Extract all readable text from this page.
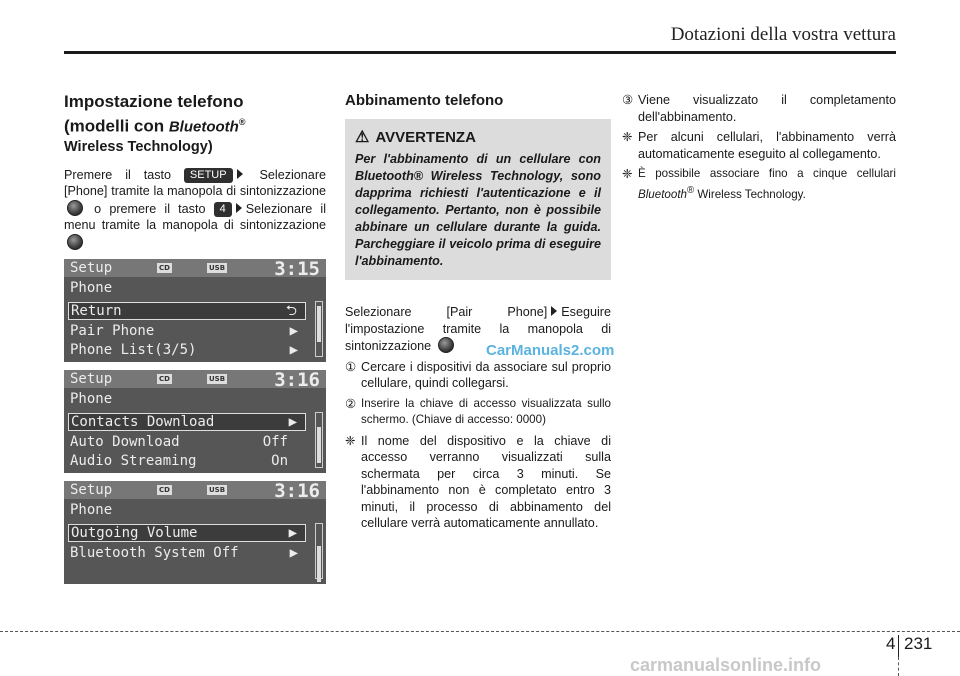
Dotazioni della vostra vettura
Impostazione telefono
(modelli con Bluetooth®
Wireless Technology)

Premere il tasto SETUP	Selezionare [Phone] tramite la manopola di sintonizzazione  o premere il tasto 4 Selezionare il menu tramite la manopola di sintonizzazione

Setup	CD	USB	3:15
Phone
Return	⮌
Pair Phone	▶
Phone List(3/5)	▶
Setup	CD	USB	3:16
Phone
Contacts Download	▶
Auto Download	Off
Audio Streaming	On
Setup	CD	USB	3:16
Phone
Outgoing Volume	▶
Bluetooth System Off	▶
Abbinamento telefono
⚠ AVVERTENZA

Per l'abbinamento di un cellulare con Bluetooth® Wireless Technology, sono dapprima richiesti l'autenticazione e il collegamento. Pertanto, non è possibile abbinare un cellulare durante la guida. Parcheggiare il veicolo prima di eseguire l'abbinamento.

Selezionare [Pair Phone] Eseguire l'impostazione tramite la manopola di sintonizzazione

① Cercare i dispositivi da associare sul proprio cellulare, quindi collegarsi.
② Inserire la chiave di accesso visualizzata sullo schermo. (Chiave di accesso: 0000)
❈ Il nome del dispositivo e la chiave di accesso verranno visualizzati sulla schermata per circa 3 minuti. Se l'abbinamento non è completato entro 3 minuti, il processo di abbinamento del cellulare verrà automaticamente annullato.
③ Viene visualizzato il completamento dell'abbinamento.
❈ Per alcuni cellulari, l'abbinamento verrà automaticamente eseguito al collegamento.
❈ È possibile associare fino a cinque cellulari Bluetooth® Wireless Technology.
CarManuals2.com
4 231
carmanualsonline.info
